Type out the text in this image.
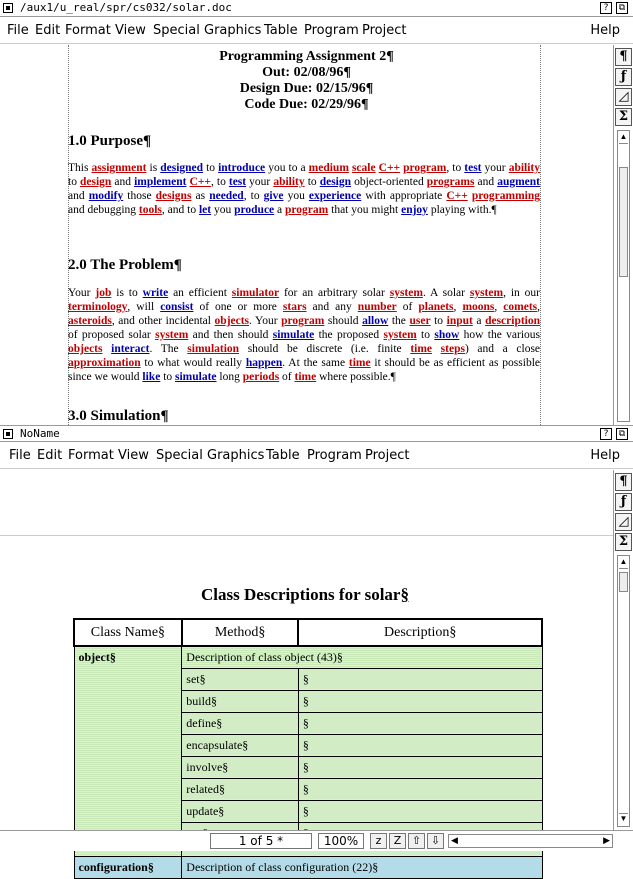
/aux1/u_real/spr/cs032/solar.doc	?	⧉
File Edit Format View Special Graphics Table Program Project	Help
Programming Assignment 2¶
Out: 02/08/96¶
Design Due: 02/15/96¶
Code Due: 02/29/96¶
1.0 Purpose¶
This assignment is designed to introduce you to a medium scale C++ program, to test your ability to design and implement C++, to test your ability to design object-oriented programs and augment and modify those designs as needed, to give you experience with appropriate C++ programming and debugging tools, and to let you produce a program that you might enjoy playing with.¶
2.0 The Problem¶
Your job is to write an efficient simulator for an arbitrary solar system. A solar system, in our terminology, will consist of one or more stars and any number of planets, moons, comets, asteroids, and other incidental objects. Your program should allow the user to input a description of proposed solar system and then should simulate the proposed system to show how the various objects interact. The simulation should be discrete (i.e. finite time steps) and a close approximation to what would really happen. At the same time it should be as efficient as possible since we would like to simulate long periods of time where possible.¶
3.0 Simulation¶
¶
ƒ
◿
Σ
▲
NoName	?	⧉
File Edit Format View Special Graphics Table Program Project	Help
Class Descriptions for solar§
Class Name§	Method§	Description§
object§	Description of class object (43)§	
	set§	§
	build§	§
	define§	§
	encapsulate§	§
	involve§	§
	related§	§
	update§	§

configuration§	Description of class configuration (22)§	
¶
ƒ
◿
Σ
▲
▼
1 of 5 *	100%	z	Z ⇧ ⇩	◀	▶
